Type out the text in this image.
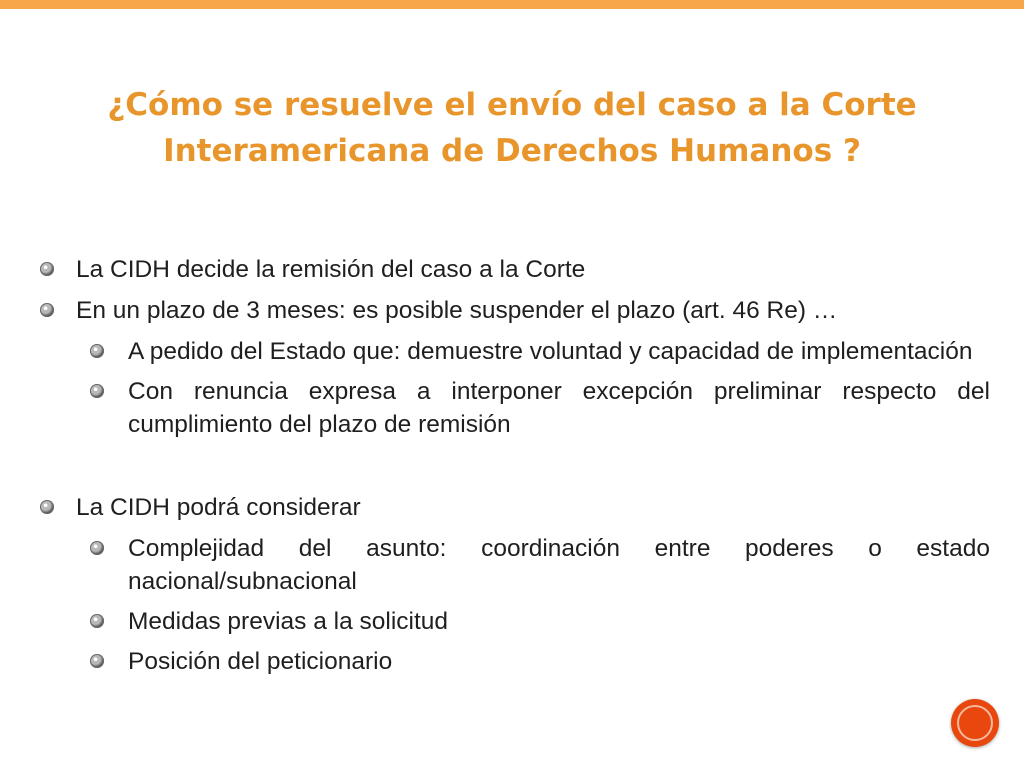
¿Cómo se resuelve el envío del caso a la Corte
Interamericana de Derechos Humanos ?
La CIDH decide la remisión del caso a la Corte
En un plazo de 3 meses: es posible suspender el plazo (art. 46 Re) …
A pedido del Estado que: demuestre voluntad y capacidad de implementación
Con renuncia expresa a interponer excepción preliminar respecto del cumplimiento del plazo de remisión
La CIDH podrá considerar
Complejidad del asunto: coordinación entre poderes o estado nacional/subnacional
Medidas previas a la solicitud
Posición del peticionario
